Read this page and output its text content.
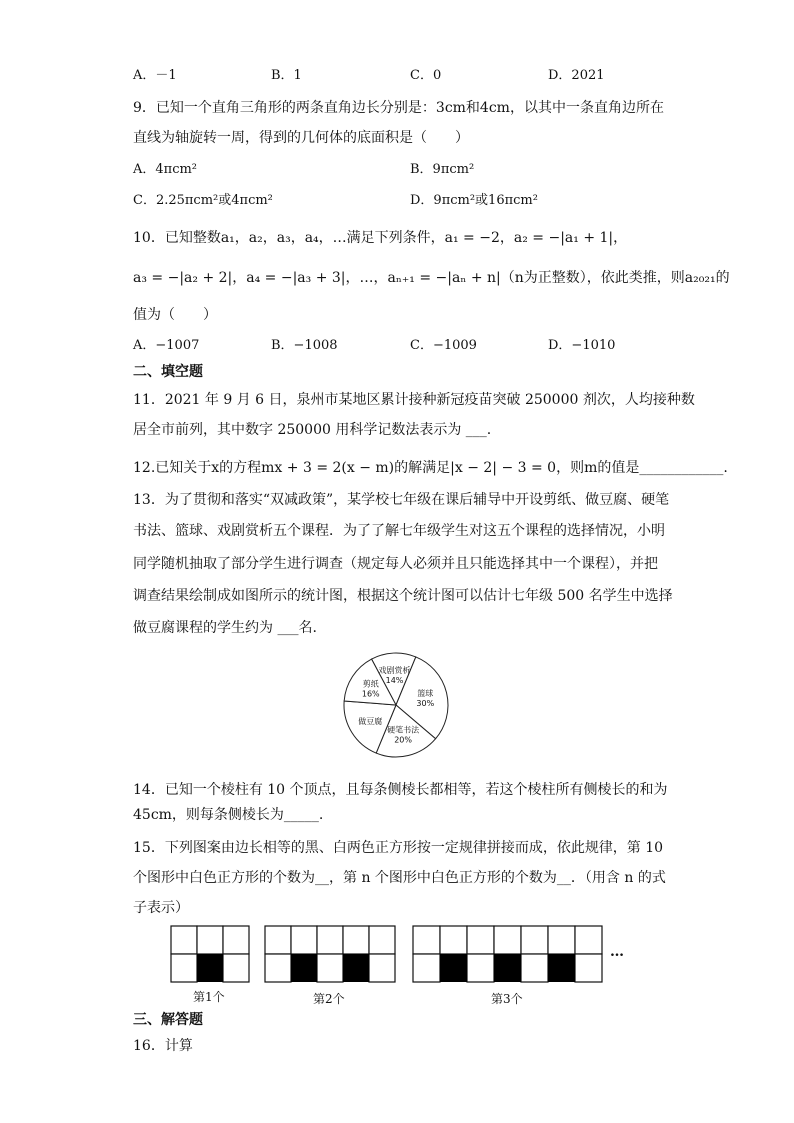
A．－1	B．1	C．0	D．2021
9．已知一个直角三角形的两条直角边长分别是：3cm和4cm，以其中一条直角边所在
直线为轴旋转一周，得到的几何体的底面积是（　　）
A．4πcm²	B．9πcm²
C．2.25πcm²或4πcm²	D．9πcm²或16πcm²
10．已知整数a₁，a₂，a₃，a₄，…满足下列条件，a₁ = −2，a₂ = −|a₁ + 1|，
a₃ = −|a₂ + 2|，a₄ = −|a₃ + 3|，…，aₙ₊₁ = −|aₙ + n|（n为正整数），依此类推，则a₂₀₂₁的
值为（　　）
A．−1007	B．−1008	C．−1009	D．−1010
二、填空题
11．2021 年 9 月 6 日，泉州市某地区累计接种新冠疫苗突破 250000 剂次，人均接种数
居全市前列，其中数字 250000 用科学记数法表示为 ___.
12.已知关于x的方程mx + 3 = 2(x − m)的解满足|x − 2| − 3 = 0，则m的值是____________.
13．为了贯彻和落实“双减政策”，某学校七年级在课后辅导中开设剪纸、做豆腐、硬笔
书法、篮球、戏剧赏析五个课程．为了了解七年级学生对这五个课程的选择情况，小明
同学随机抽取了部分学生进行调查（规定每人必须并且只能选择其中一个课程），并把
调查结果绘制成如图所示的统计图，根据这个统计图可以估计七年级 500 名学生中选择
做豆腐课程的学生约为 ___名.
戏剧赏析
14%
篮球
30%
硬笔书法
20%
做豆腐
剪纸
16%
14．已知一个棱柱有 10 个顶点，且每条侧棱长都相等，若这个棱柱所有侧棱长的和为
45cm，则每条侧棱长为_____.
15．下列图案由边长相等的黑、白两色正方形按一定规律拼接而成，依此规律，第 10
个图形中白色正方形的个数为__，第 n 个图形中白色正方形的个数为__．（用含 n 的式
子表示）
第1个	第2个	第3个
…
三、解答题
16．计算
